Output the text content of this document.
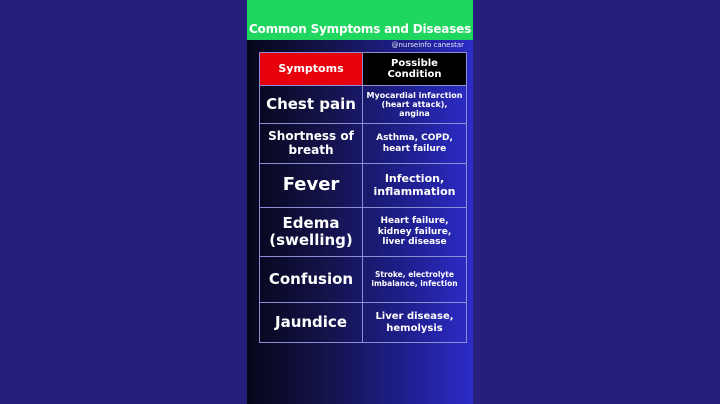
Common Symptoms and Diseases
@nurseinfo canestar
Symptoms	Possible Condition
Chest pain	Myocardial infarction (heart attack), angina
Shortness of breath	Asthma, COPD, heart failure
Fever	Infection, inflammation
Edema (swelling)	Heart failure, kidney failure, liver disease
Confusion	Stroke, electrolyte imbalance, infection
Jaundice	Liver disease, hemolysis
